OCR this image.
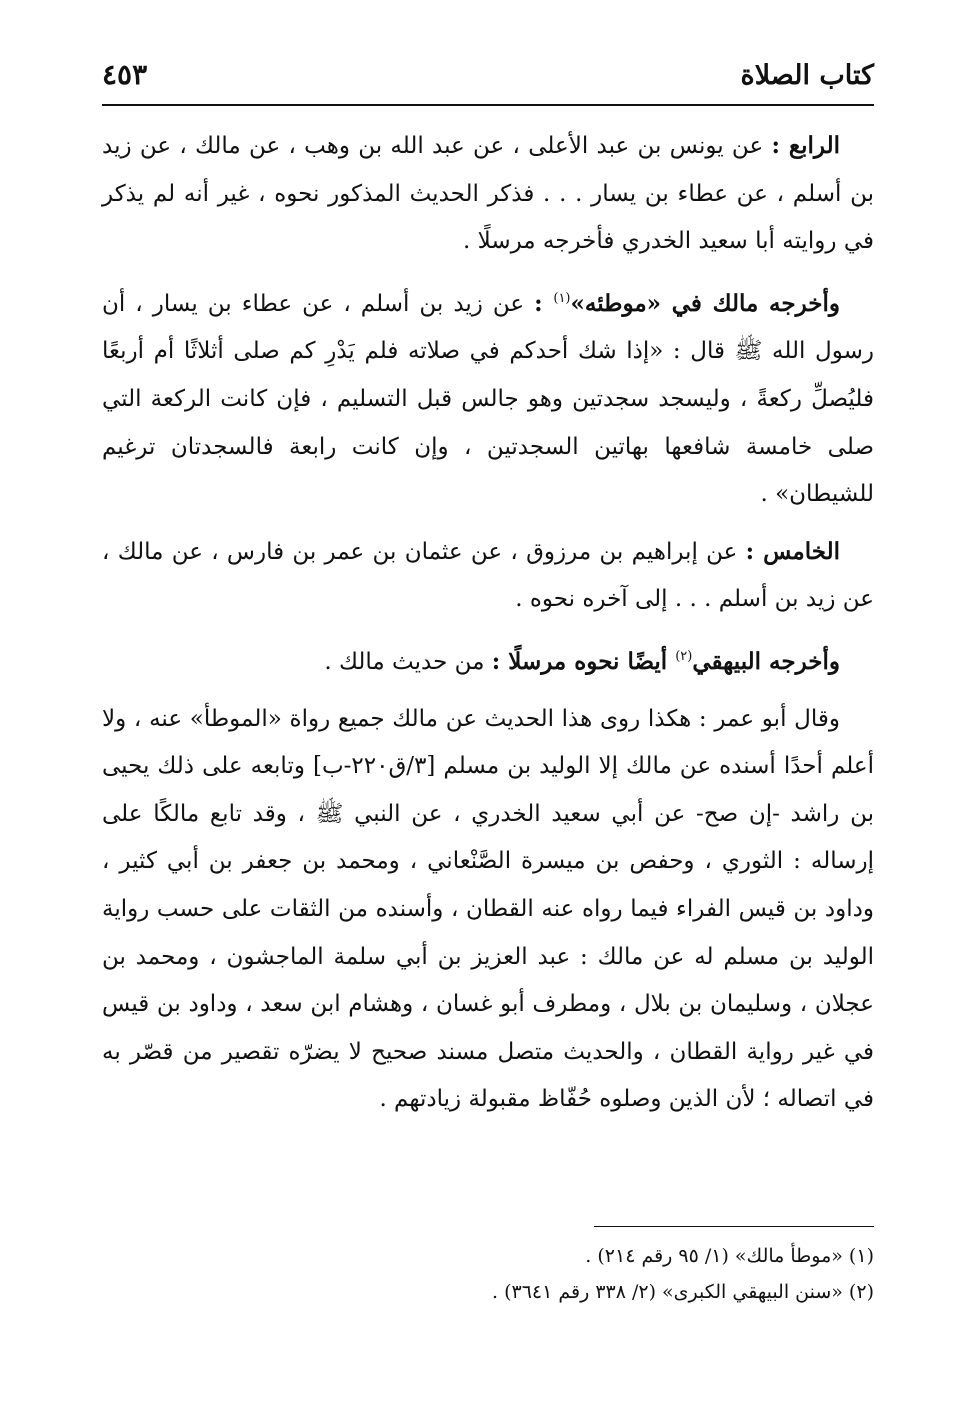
كتاب الصلاة
٤٥٣

الرابع : عن يونس بن عبد الأعلى ، عن عبد الله بن وهب ، عن مالك ، عن زيد بن أسلم ، عن عطاء بن يسار . . . فذكر الحديث المذكور نحوه ، غير أنه لم يذكر في روايته أبا سعيد الخدري فأخرجه مرسلًا .

وأخرجه مالك في «موطئه»$^{(١)}$ : عن زيد بن أسلم ، عن عطاء بن يسار ، أن رسول الله ﷺ قال : «إذا شك أحدكم في صلاته فلم يَدْرِ كم صلى أثلاثًا أم أربعًا فليُصلِّ ركعةً ، وليسجد سجدتين وهو جالس قبل التسليم ، فإن كانت الركعة التي صلى خامسة شافعها بهاتين السجدتين ، وإن كانت رابعة فالسجدتان ترغيم للشيطان» .

الخامس : عن إبراهيم بن مرزوق ، عن عثمان بن عمر بن فارس ، عن مالك ، عن زيد بن أسلم . . . إلى آخره نحوه .

وأخرجه البيهقي$^{(٢)}$ أيضًا نحوه مرسلًا : من حديث مالك .

وقال أبو عمر : هكذا روى هذا الحديث عن مالك جميع رواة «الموطأ» عنه ، ولا أعلم أحدًا أسنده عن مالك إلا الوليد بن مسلم [٣/ق٢٢٠-ب] وتابعه على ذلك يحيى بن راشد -إن صح- عن أبي سعيد الخدري ، عن النبي ﷺ ، وقد تابع مالكًا على إرساله : الثوري ، وحفص بن ميسرة الصَّنْعاني ، ومحمد بن جعفر بن أبي كثير ، وداود بن قيس الفراء فيما رواه عنه القطان ، وأسنده من الثقات على حسب رواية الوليد بن مسلم له عن مالك : عبد العزيز بن أبي سلمة الماجشون ، ومحمد بن عجلان ، وسليمان بن بلال ، ومطرف أبو غسان ، وهشام ابن سعد ، وداود بن قيس في غير رواية القطان ، والحديث متصل مسند صحيح لا يضرّه تقصير من قصّر به في اتصاله ؛ لأن الذين وصلوه حُفّاظ مقبولة زيادتهم .

(١) «موطأ مالك» (١/ ٩٥ رقم ٢١٤) .
(٢) «سنن البيهقي الكبرى» (٢/ ٣٣٨ رقم ٣٦٤١) .
